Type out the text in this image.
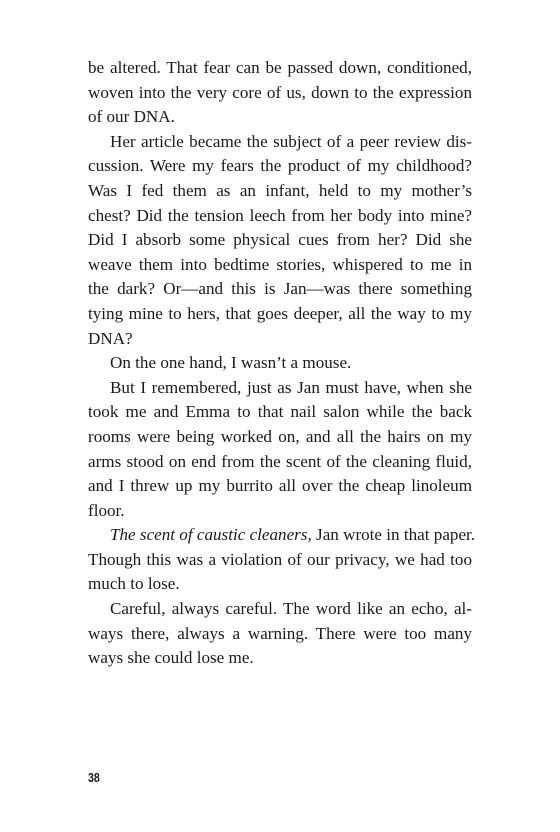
be altered. That fear can be passed down, conditioned,
woven into the very core of us, down to the expression
of our DNA.

Her article became the subject of a peer review dis-
cussion. Were my fears the product of my childhood?
Was I fed them as an infant, held to my mother’s
chest? Did the tension leech from her body into mine?
Did I absorb some physical cues from her? Did she
weave them into bedtime stories, whispered to me in
the dark? Or—and this is Jan—was there something
tying mine to hers, that goes deeper, all the way to my
DNA?

On the one hand, I wasn’t a mouse.

But I remembered, just as Jan must have, when she
took me and Emma to that nail salon while the back
rooms were being worked on, and all the hairs on my
arms stood on end from the scent of the cleaning fluid,
and I threw up my burrito all over the cheap linoleum
floor.

The scent of caustic cleaners, Jan wrote in that paper.
Though this was a violation of our privacy, we had too
much to lose.

Careful, always careful. The word like an echo, al-
ways there, always a warning. There were too many
ways she could lose me.

38
